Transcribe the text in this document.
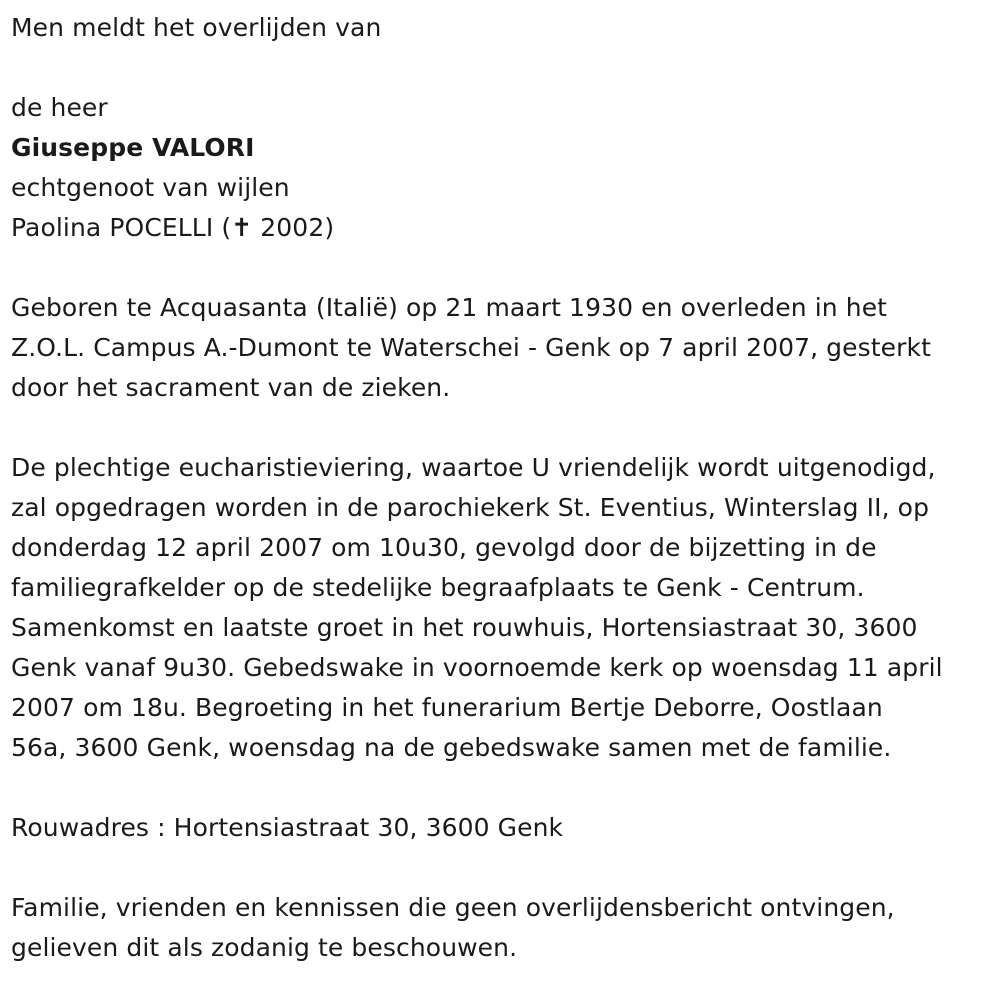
Men meldt het overlijden van

de heer

Giuseppe VALORI

echtgenoot van wijlen

Paolina POCELLI (✝ 2002)

Geboren te Acquasanta (Italië) op 21 maart 1930 en overleden in het

Z.O.L. Campus A.-Dumont te Waterschei - Genk op 7 april 2007, gesterkt

door het sacrament van de zieken.

De plechtige eucharistieviering, waartoe U vriendelijk wordt uitgenodigd,

zal opgedragen worden in de parochiekerk St. Eventius, Winterslag II, op

donderdag 12 april 2007 om 10u30, gevolgd door de bijzetting in de

familiegrafkelder op de stedelijke begraafplaats te Genk - Centrum.

Samenkomst en laatste groet in het rouwhuis, Hortensiastraat 30, 3600

Genk vanaf 9u30. Gebedswake in voornoemde kerk op woensdag 11 april

2007 om 18u. Begroeting in het funerarium Bertje Deborre, Oostlaan

56a, 3600 Genk, woensdag na de gebedswake samen met de familie.

Rouwadres : Hortensiastraat 30, 3600 Genk

Familie, vrienden en kennissen die geen overlijdensbericht ontvingen,

gelieven dit als zodanig te beschouwen.
